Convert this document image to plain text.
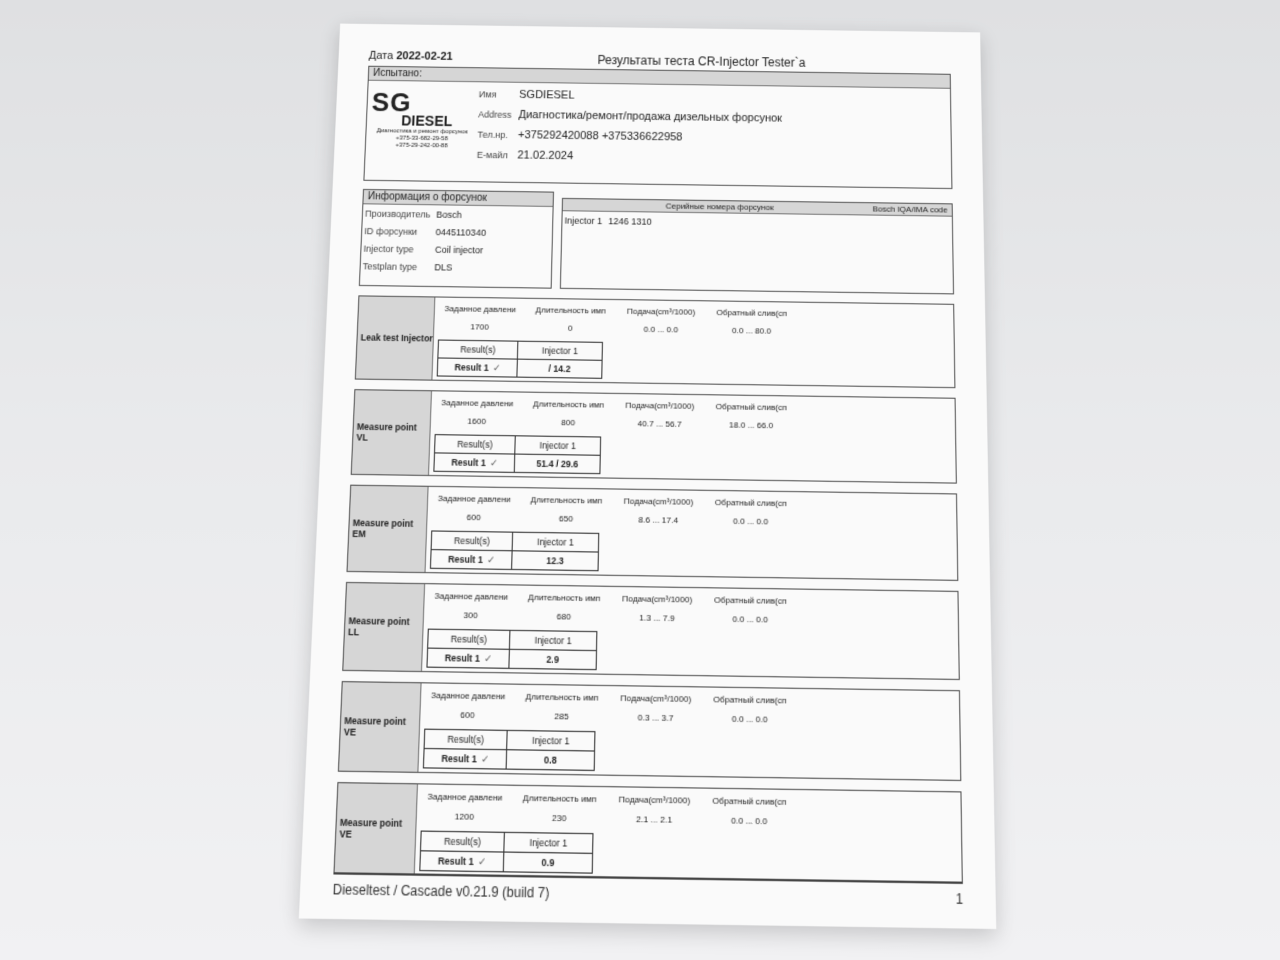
Дата 2022-02-21	Результаты теста CR-Injector Tester`a
Испытано:
SG
DIESEL
Диагностика и ремонт форсунок
+375-33-682-29-58
+375-29-242-00-88
Имя	SGDIESEL
Address Диагностика/ремонт/продажа дизельных форсунок
Тел.нр. +375292420088 +375336622958
E-майл 21.02.2024
Информация о форсунок
Производитель Bosch
ID форсунки	0445110340
Injector type	Coil injector
Testplan type	DLS
Серийные номера форсунок	Bosch IQA/IMA code
Injector 1 1246 1310
Leak test Injector
Заданное давлени	Длительность имп	Подача(cm³/1000)	Обратный слив(cп
1700	0	0.0 ... 0.0	0.0 ... 80.0
Result(s)	Injector 1
Result 1 ✓	/ 14.2
Measure point VL
Заданное давлени	Длительность имп	Подача(cm³/1000)	Обратный слив(cп
1600	800	40.7 ... 56.7	18.0 ... 66.0
Result(s)	Injector 1
Result 1 ✓	51.4 / 29.6
Measure point EM
Заданное давлени	Длительность имп	Подача(cm³/1000)	Обратный слив(cп
600	650	8.6 ... 17.4	0.0 ... 0.0
Result(s)	Injector 1
Result 1 ✓	12.3
Measure point LL
Заданное давлени	Длительность имп	Подача(cm³/1000)	Обратный слив(cп
300	680	1.3 ... 7.9	0.0 ... 0.0
Result(s)	Injector 1
Result 1 ✓	2.9
Measure point VE
Заданное давлени	Длительность имп	Подача(cm³/1000)	Обратный слив(cп
600	285	0.3 ... 3.7	0.0 ... 0.0
Result(s)	Injector 1
Result 1 ✓	0.8
Measure point VE
Заданное давлени	Длительность имп	Подача(cm³/1000)	Обратный слив(cп
1200	230	2.1 ... 2.1	0.0 ... 0.0
Result(s)	Injector 1
Result 1 ✓	0.9
Dieseltest / Cascade v0.21.9 (build 7)	1
